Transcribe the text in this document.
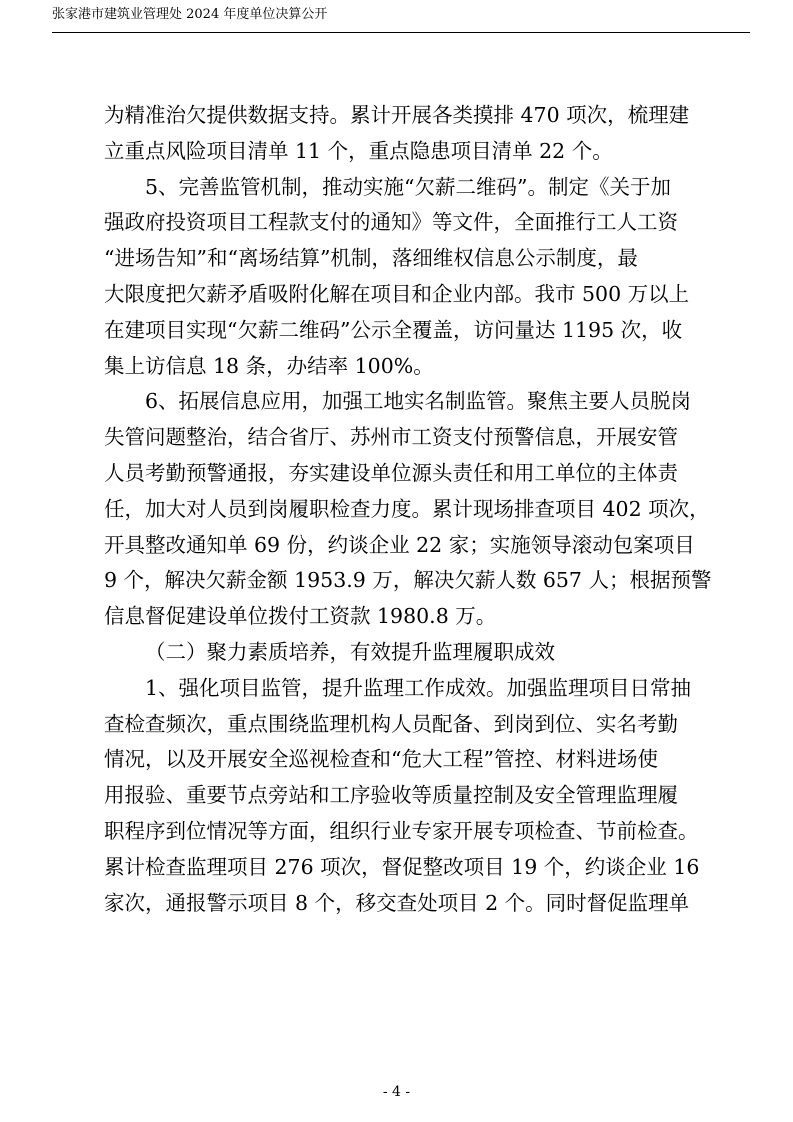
张家港市建筑业管理处 2024 年度单位决算公开
为精准治欠提供数据支持。累计开展各类摸排 470 项次，梳理建
立重点风险项目清单 11 个，重点隐患项目清单 22 个。
5、完善监管机制，推动实施“欠薪二维码”。制定《关于加
强政府投资项目工程款支付的通知》等文件，全面推行工人工资
“进场告知”和“离场结算”机制，落细维权信息公示制度，最
大限度把欠薪矛盾吸附化解在项目和企业内部。我市 500 万以上
在建项目实现“欠薪二维码”公示全覆盖，访问量达 1195 次，收
集上访信息 18 条，办结率 100%。
6、拓展信息应用，加强工地实名制监管。聚焦主要人员脱岗
失管问题整治，结合省厅、苏州市工资支付预警信息，开展安管
人员考勤预警通报，夯实建设单位源头责任和用工单位的主体责
任，加大对人员到岗履职检查力度。累计现场排查项目 402 项次，
开具整改通知单 69 份，约谈企业 22 家；实施领导滚动包案项目
9 个，解决欠薪金额 1953.9 万，解决欠薪人数 657 人；根据预警
信息督促建设单位拨付工资款 1980.8 万。
（二）聚力素质培养，有效提升监理履职成效
1、强化项目监管，提升监理工作成效。加强监理项目日常抽
查检查频次，重点围绕监理机构人员配备、到岗到位、实名考勤
情况，以及开展安全巡视检查和“危大工程”管控、材料进场使
用报验、重要节点旁站和工序验收等质量控制及安全管理监理履
职程序到位情况等方面，组织行业专家开展专项检查、节前检查。
累计检查监理项目 276 项次，督促整改项目 19 个，约谈企业 16
家次，通报警示项目 8 个，移交查处项目 2 个。同时督促监理单
- 4 -
